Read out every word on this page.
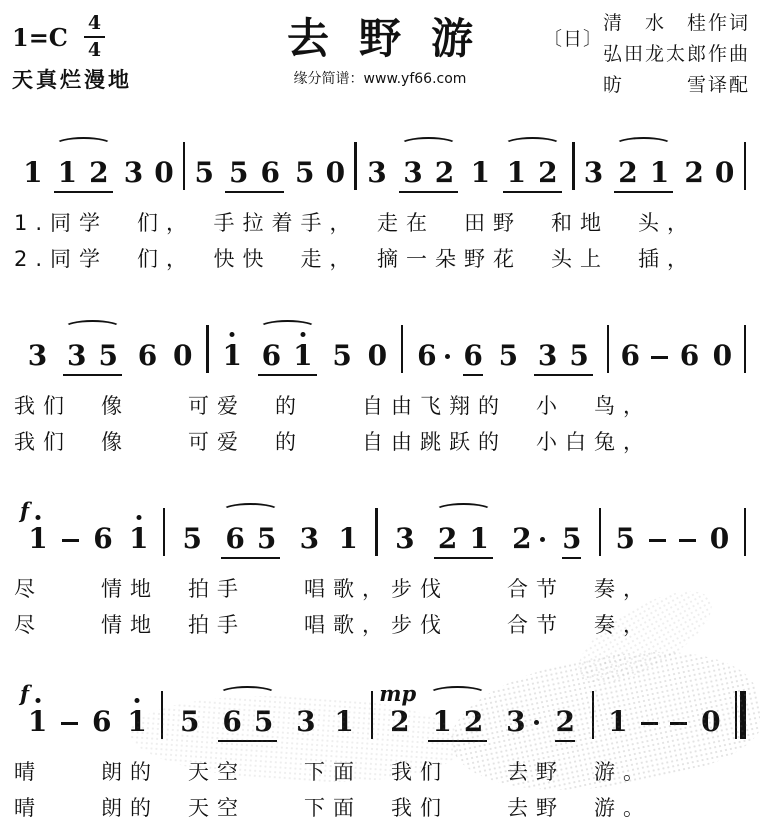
$1=C \frac{4}{4}$
天真烂漫地
去野游
缘分简谱：www.yf66.com
〔日〕
清　水　桂作词
弘田龙太郎作曲
昉　　　雪译配
1 1 2 3 0 5 5 6 5 0 3 3 2 1 1 2 3 2 1 2 0
1.同学　们，　手拉着手，　走在　田野　和地　头，
2.同学　们，　快快　走，　摘一朵野花　头上　插，
3 3 5 6 0 1 6 1 5 0 6 6 5 3 5 6 6 0
我们　像　　可爱　的　　自由飞翔的　小　鸟，
我们　像　　可爱　的　　自由跳跃的　小白兔，
f
1 6 1 5 6 5 3 1 3 2 1 2 5 5	0
尽　　情地　拍手　　唱歌，步伐　　合节　奏，
尽　　情地　拍手　　唱歌，步伐　　合节　奏，
f
1 6 1 5 6 5 3 1
mp
2 1 2 3 2 1	0
晴　　朗的　天空　　下面　我们　　去野　游。
晴　　朗的　天空　　下面　我们　　去野　游。
